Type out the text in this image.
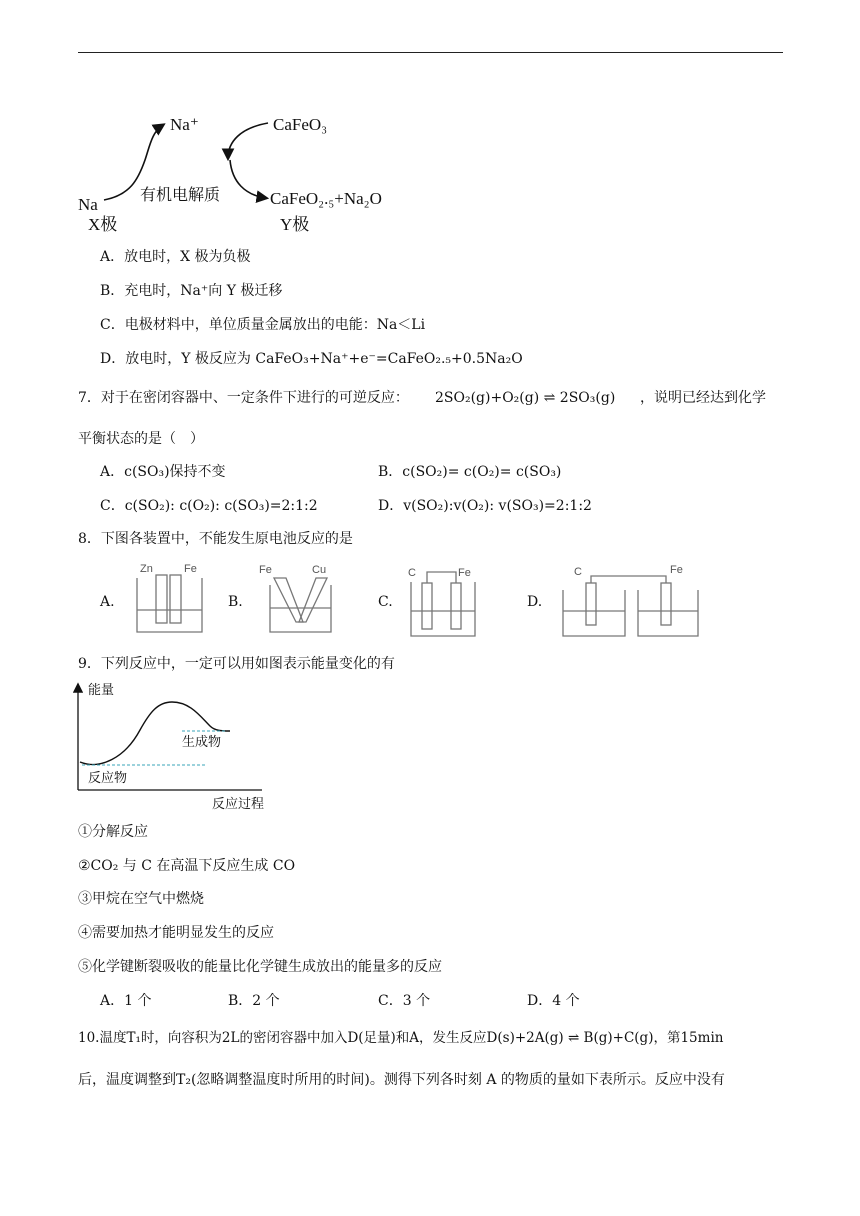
Na⁺	CaFeO₃
Na
有机电解质	CaFeO₂.₅+Na₂O
X极	Y极
A．放电时，X 极为负极
B．充电时，Na⁺向 Y 极迁移
C．电极材料中，单位质量金属放出的电能：Na＜Li
D．放电时，Y 极反应为 CaFeO₃+Na⁺+e⁻=CaFeO₂.₅+0.5Na₂O
7．对于在密闭容器中、一定条件下进行的可逆反应： 2SO₂(g)+O₂(g) ⇌ 2SO₃(g) ，说明已经达到化学
平衡状态的是（　）
A．c(SO₃)保持不变	B．c(SO₂)= c(O₂)= c(SO₃)
C．c(SO₂): c(O₂): c(SO₃)=2:1:2	D．v(SO₂):v(O₂): v(SO₃)=2:1:2
8．下图各装置中，不能发生原电池反应的是
A.	B.	C.	D.
Zn	Fe	Fe	Cu	C	Fe	C	Fe
9．下列反应中，一定可以用如图表示能量变化的有
能量
生成物
反应物
反应过程
①分解反应
②CO₂ 与 C 在高温下反应生成 CO
③甲烷在空气中燃烧
④需要加热才能明显发生的反应
⑤化学键断裂吸收的能量比化学键生成放出的能量多的反应
A．1 个	B．2 个	C．3 个	D．4 个
10.温度T₁时，向容积为2L的密闭容器中加入D(足量)和A，发生反应D(s)+2A(g) ⇌ B(g)+C(g)，第15min
后，温度调整到T₂(忽略调整温度时所用的时间)。测得下列各时刻 A 的物质的量如下表所示。反应中没有
